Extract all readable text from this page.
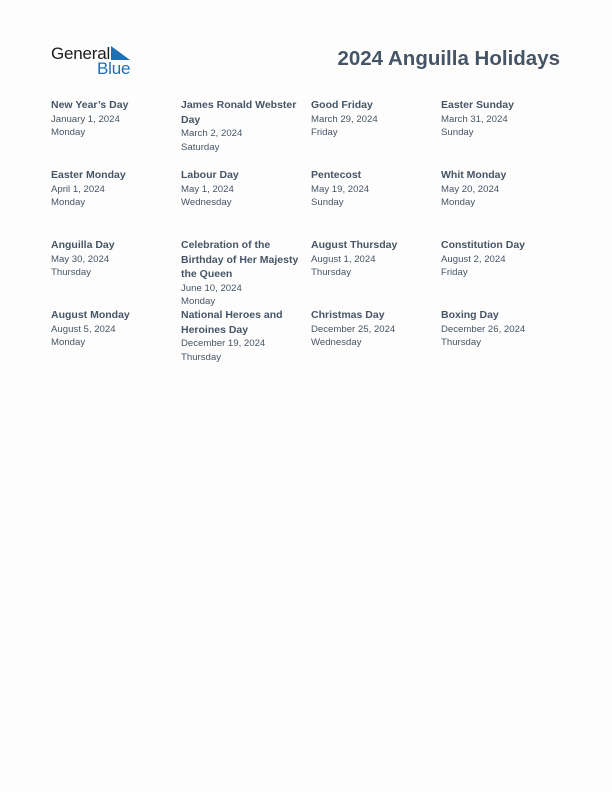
General
Blue	2024 Anguilla Holidays
New Year’s Day
January 1, 2024
Monday
James Ronald Webster Day
March 2, 2024
Saturday
Good Friday
March 29, 2024
Friday
Easter Sunday
March 31, 2024
Sunday
Easter Monday
April 1, 2024
Monday
Labour Day
May 1, 2024
Wednesday
Pentecost
May 19, 2024
Sunday
Whit Monday
May 20, 2024
Monday
Anguilla Day
May 30, 2024
Thursday
Celebration of the Birthday of Her Majesty the Queen
June 10, 2024
Monday
August Thursday
August 1, 2024
Thursday
Constitution Day
August 2, 2024
Friday
August Monday
August 5, 2024
Monday
National Heroes and Heroines Day
December 19, 2024
Thursday
Christmas Day
December 25, 2024
Wednesday
Boxing Day
December 26, 2024
Thursday
